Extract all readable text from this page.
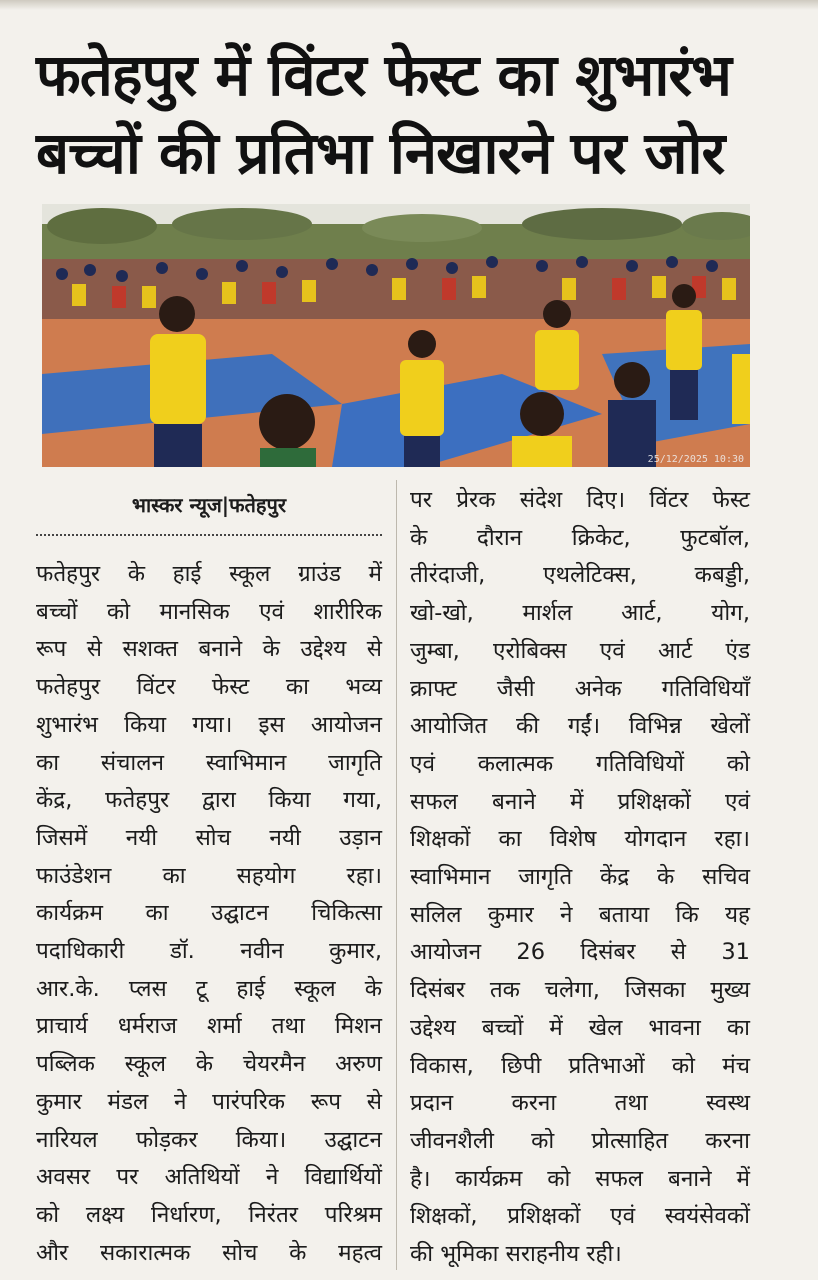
फतेहपुर में विंटर फेस्ट का शुभारंभ
बच्चों की प्रतिभा निखारने पर जोर
25/12/2025 10:30
भास्कर न्यूज|फतेहपुर
फतेहपुर के हाई स्कूल ग्राउंड में
बच्चों को मानसिक एवं शारीरिक
रूप से सशक्त बनाने के उद्देश्य से
फतेहपुर विंटर फेस्ट का भव्य
शुभारंभ किया गया। इस आयोजन
का संचालन स्वाभिमान जागृति
केंद्र, फतेहपुर द्वारा किया गया,
जिसमें नयी सोच नयी उड़ान
फाउंडेशन का सहयोग रहा।
कार्यक्रम का उद्घाटन चिकित्सा
पदाधिकारी डॉ. नवीन कुमार,
आर.के. प्लस टू हाई स्कूल के
प्राचार्य धर्मराज शर्मा तथा मिशन
पब्लिक स्कूल के चेयरमैन अरुण
कुमार मंडल ने पारंपरिक रूप से
नारियल फोड़कर किया। उद्घाटन
अवसर पर अतिथियों ने विद्यार्थियों
को लक्ष्य निर्धारण, निरंतर परिश्रम
और सकारात्मक सोच के महत्व
पर प्रेरक संदेश दिए। विंटर फेस्ट
के दौरान क्रिकेट, फुटबॉल,
तीरंदाजी, एथलेटिक्स, कबड्डी,
खो-खो, मार्शल आर्ट, योग,
जुम्बा, एरोबिक्स एवं आर्ट एंड
क्राफ्ट जैसी अनेक गतिविधियाँ
आयोजित की गईं। विभिन्न खेलों
एवं कलात्मक गतिविधियों को
सफल बनाने में प्रशिक्षकों एवं
शिक्षकों का विशेष योगदान रहा।
स्वाभिमान जागृति केंद्र के सचिव
सलिल कुमार ने बताया कि यह
आयोजन 26 दिसंबर से 31
दिसंबर तक चलेगा, जिसका मुख्य
उद्देश्य बच्चों में खेल भावना का
विकास, छिपी प्रतिभाओं को मंच
प्रदान करना तथा स्वस्थ
जीवनशैली को प्रोत्साहित करना
है। कार्यक्रम को सफल बनाने में
शिक्षकों, प्रशिक्षकों एवं स्वयंसेवकों
की भूमिका सराहनीय रही।
